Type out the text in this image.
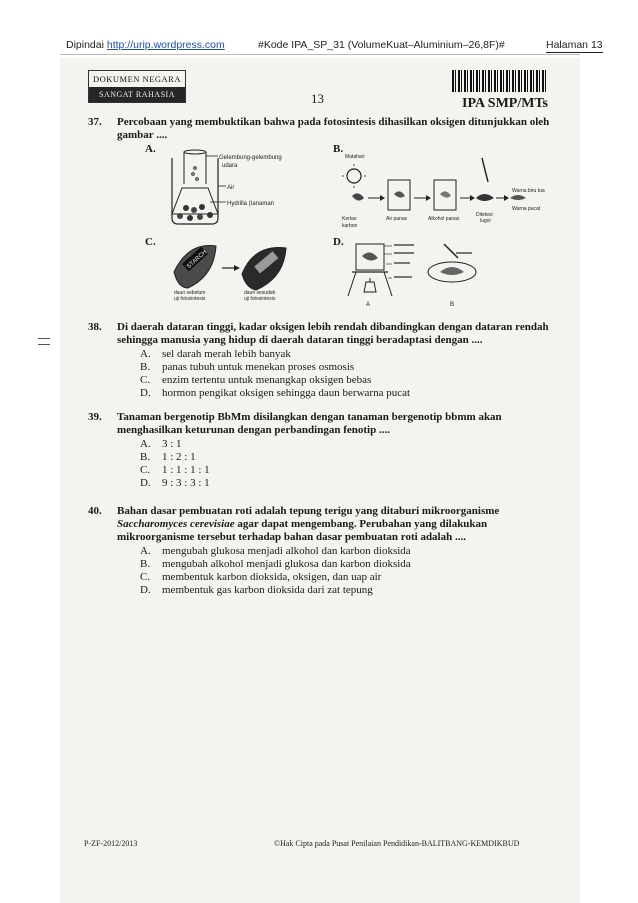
Dipindai http://urip.wordpress.com	#Kode IPA_SP_31 (VolumeKuat–Aluminium–26,8F)#	Halaman 13
DOKUMEN NEGARA
SANGAT RAHASIA	13	IPA SMP/MTs
37. Percobaan yang membuktikan bahwa pada fotosintesis dihasilkan oksigen ditunjukkan oleh gambar ....
A.	B.
C.	D.
Gelembung-gelembung
udara
Air
Hydrilla (tanaman
Matahari
Kertas
karbon
Air panas	Alkohol panas
Ditetesi
lugol
Warna biru tua
Warna pucat
STARCH
daun sebelum
uji fotosintesis
daun sesudah
uji fotosintesis
A	B
38. Di daerah dataran tinggi, kadar oksigen lebih rendah dibandingkan dengan dataran rendah
sehingga manusia yang hidup di daerah dataran tinggi beradaptasi dengan ....
A. sel darah merah lebih banyak
B. panas tubuh untuk menekan proses osmosis
C. enzim tertentu untuk menangkap oksigen bebas
D. hormon pengikat oksigen sehingga daun berwarna pucat
39. Tanaman bergenotip BbMm disilangkan dengan tanaman bergenotip bbmm akan
menghasilkan keturunan dengan perbandingan fenotip ....
A. 3 : 1
B. 1 : 2 : 1
C. 1 : 1 : 1 : 1
D. 9 : 3 : 3 : 1
40. Bahan dasar pembuatan roti adalah tepung terigu yang ditaburi mikroorganisme
Saccharomyces cerevisiae agar dapat mengembang. Perubahan yang dilakukan
mikroorganisme tersebut terhadap bahan dasar pembuatan roti adalah ....
A. mengubah glukosa menjadi alkohol dan karbon dioksida
B. mengubah alkohol menjadi glukosa dan karbon dioksida
C. membentuk karbon dioksida, oksigen, dan uap air
D. membentuk gas karbon dioksida dari zat tepung
P-ZF-2012/2013	©Hak Cipta pada Pusat Penilaian Pendidikan-BALITBANG-KEMDIKBUD
